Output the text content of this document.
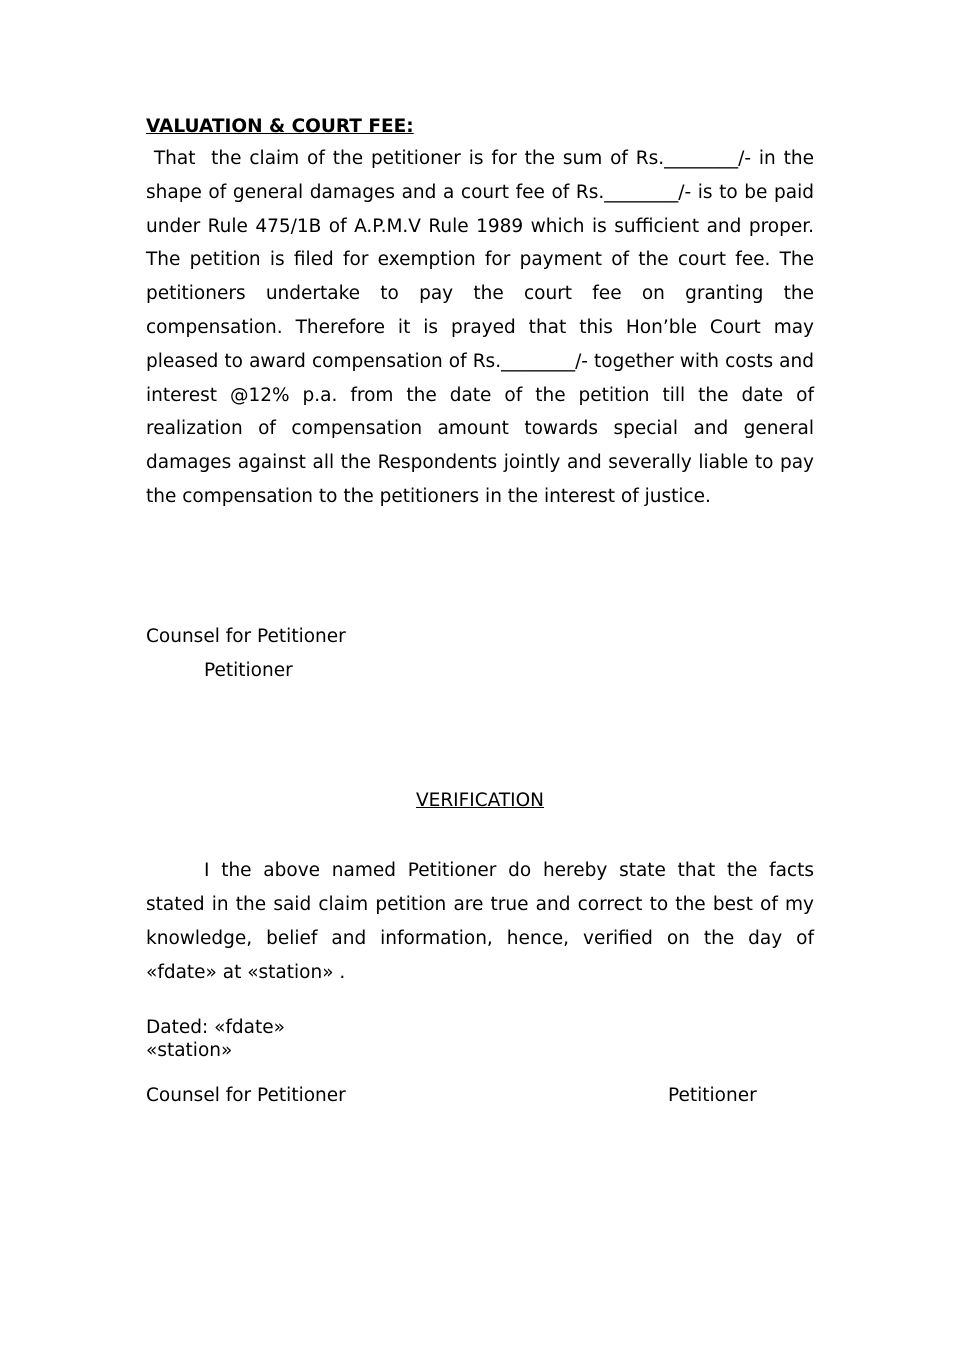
VALUATION & COURT FEE:

That  the claim of the petitioner is for the sum of Rs.________/- in the shape of general damages and a court fee of Rs.________/- is to be paid under Rule 475/1B of A.P.M.V Rule 1989 which is sufficient and proper. The petition is filed for exemption for payment of the court fee. The petitioners undertake to pay the court fee on granting the compensation. Therefore it is prayed that this Hon’ble Court may pleased to award compensation of Rs.________/- together with costs and interest @12% p.a. from the date of the petition till the date of realization of compensation amount towards special and general damages against all the Respondents jointly and severally liable to pay the compensation to the petitioners in the interest of justice.

Counsel for Petitioner
Petitioner
VERIFICATION

I the above named Petitioner do hereby state that the facts stated in the said claim petition are true and correct to the best of my knowledge, belief and information, hence, verified on the day of «fdate» at «station» .

Dated: «fdate»
«station»
Counsel for Petitioner	Petitioner
